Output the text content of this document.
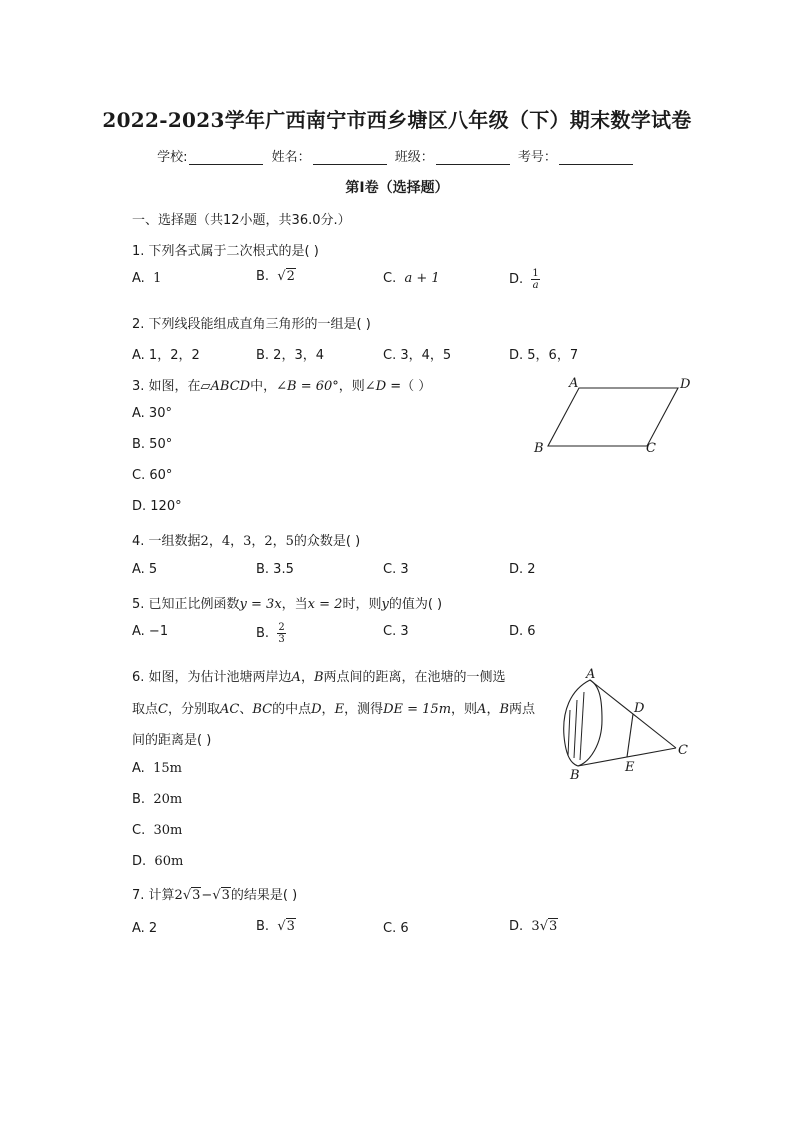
2022-2023学年广西南宁市西乡塘区八年级（下）期末数学试卷
学校:	姓名：	班级：	考号：
第I卷（选择题）
一、选择题（共12小题，共36.0分.）
1. 下列各式属于二次根式的是( )
A. 1	B. √2	C. a + 1	D. $\frac{1}{a}$
2. 下列线段能组成直角三角形的一组是( )
A. 1，2，2	B. 2，3，4	C. 3，4，5	D. 5，6，7
3. 如图，在▱ABCD中，∠B = 60°，则∠D =（ ）
A. 30°
B. 50°
C. 60°
D. 120°
A	D
B	C
4. 一组数据2，4，3，2，5的众数是( )
A. 5	B. 3.5	C. 3	D. 2
5. 已知正比例函数y = 3x，当x = 2时，则y的值为( )
A. −1	B. $\frac{2}{3}$	C. 3	D. 6
6. 如图，为估计池塘两岸边A，B两点间的距离，在池塘的一侧选
取点C，分别取AC、BC的中点D，E，测得DE = 15m，则A，B两点
间的距离是( )
A. 15m
B. 20m
C. 30m
D. 60m
A
D
C
B
E
7. 计算2√3−√3的结果是( )
A. 2	B. √3	C. 6	D. 3√3
